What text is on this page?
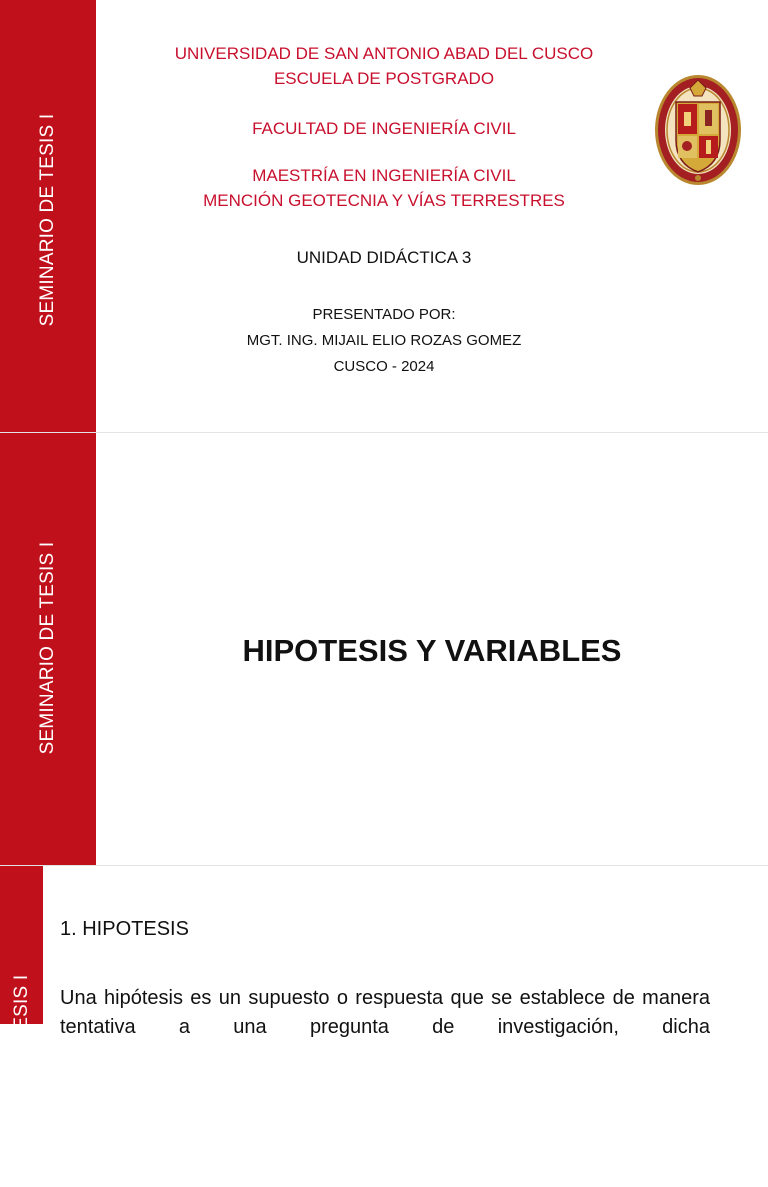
SEMINARIO DE TESIS I
UNIVERSIDAD DE SAN ANTONIO ABAD DEL CUSCO
ESCUELA DE POSTGRADO
FACULTAD DE INGENIERÍA CIVIL
MAESTRÍA EN INGENIERÍA CIVIL
MENCIÓN GEOTECNIA Y VÍAS TERRESTRES
UNIDAD DIDÁCTICA 3
PRESENTADO POR:
MGT. ING. MIJAIL ELIO ROZAS GOMEZ
CUSCO - 2024
SEMINARIO DE TESIS I	HIPOTESIS Y VARIABLES
SEMINARIO DE TESIS I
1. HIPOTESIS
Una hipótesis es un supuesto o respuesta que se establece de manera tentativa a una pregunta de investigación, dicha
